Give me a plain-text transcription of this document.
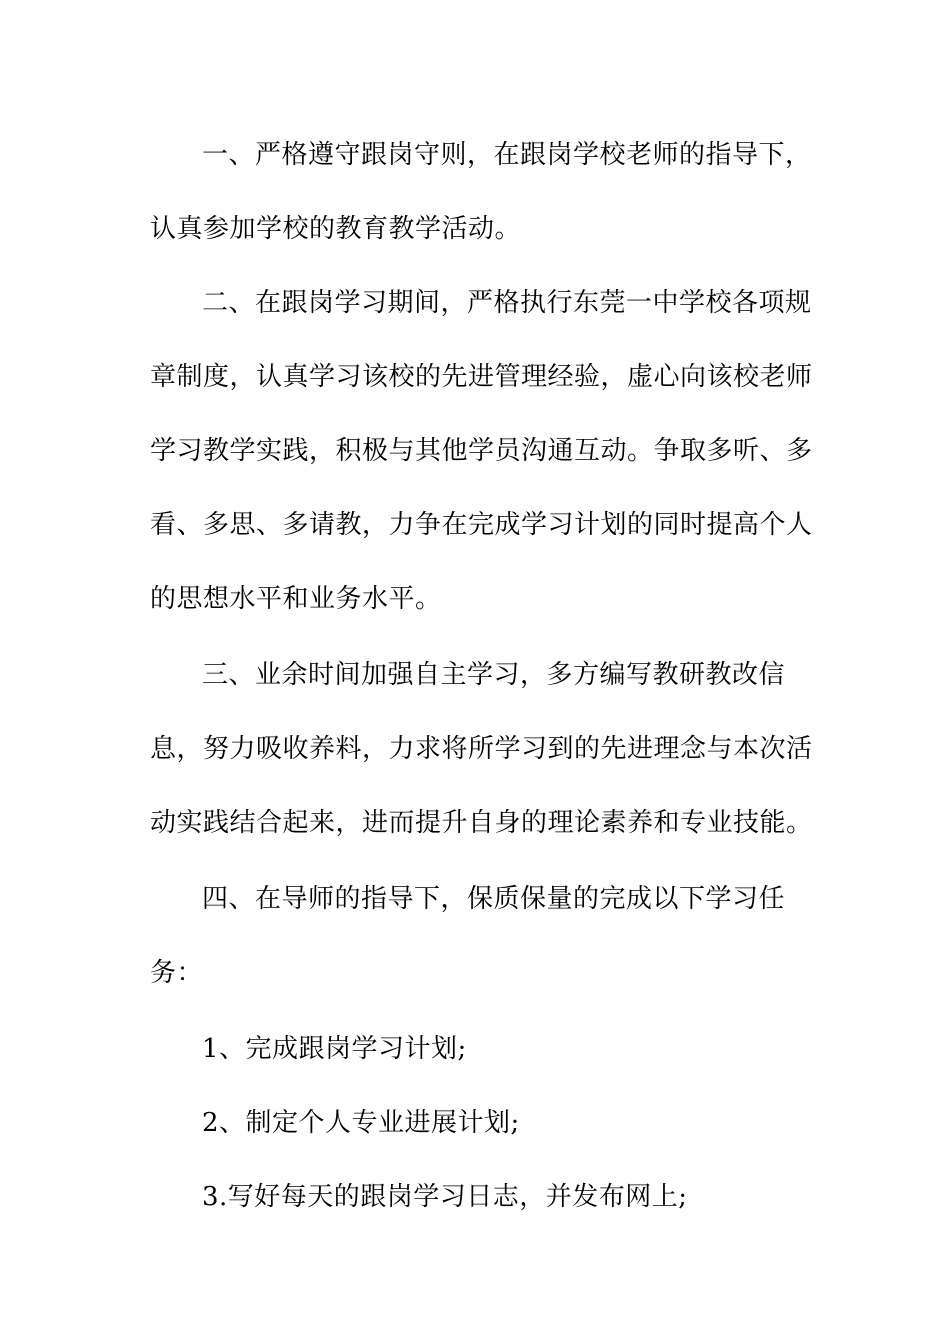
一、严格遵守跟岗守则，在跟岗学校老师的指导下，
认真参加学校的教育教学活动。
二、在跟岗学习期间，严格执行东莞一中学校各项规
章制度，认真学习该校的先进管理经验，虚心向该校老师
学习教学实践，积极与其他学员沟通互动。争取多听、多
看、多思、多请教，力争在完成学习计划的同时提高个人
的思想水平和业务水平。
三、业余时间加强自主学习，多方编写教研教改信
息，努力吸收养料，力求将所学习到的先进理念与本次活
动实践结合起来，进而提升自身的理论素养和专业技能。
四、在导师的指导下，保质保量的完成以下学习任
务：
1、完成跟岗学习计划;
2、制定个人专业进展计划;
3.写好每天的跟岗学习日志，并发布网上;
